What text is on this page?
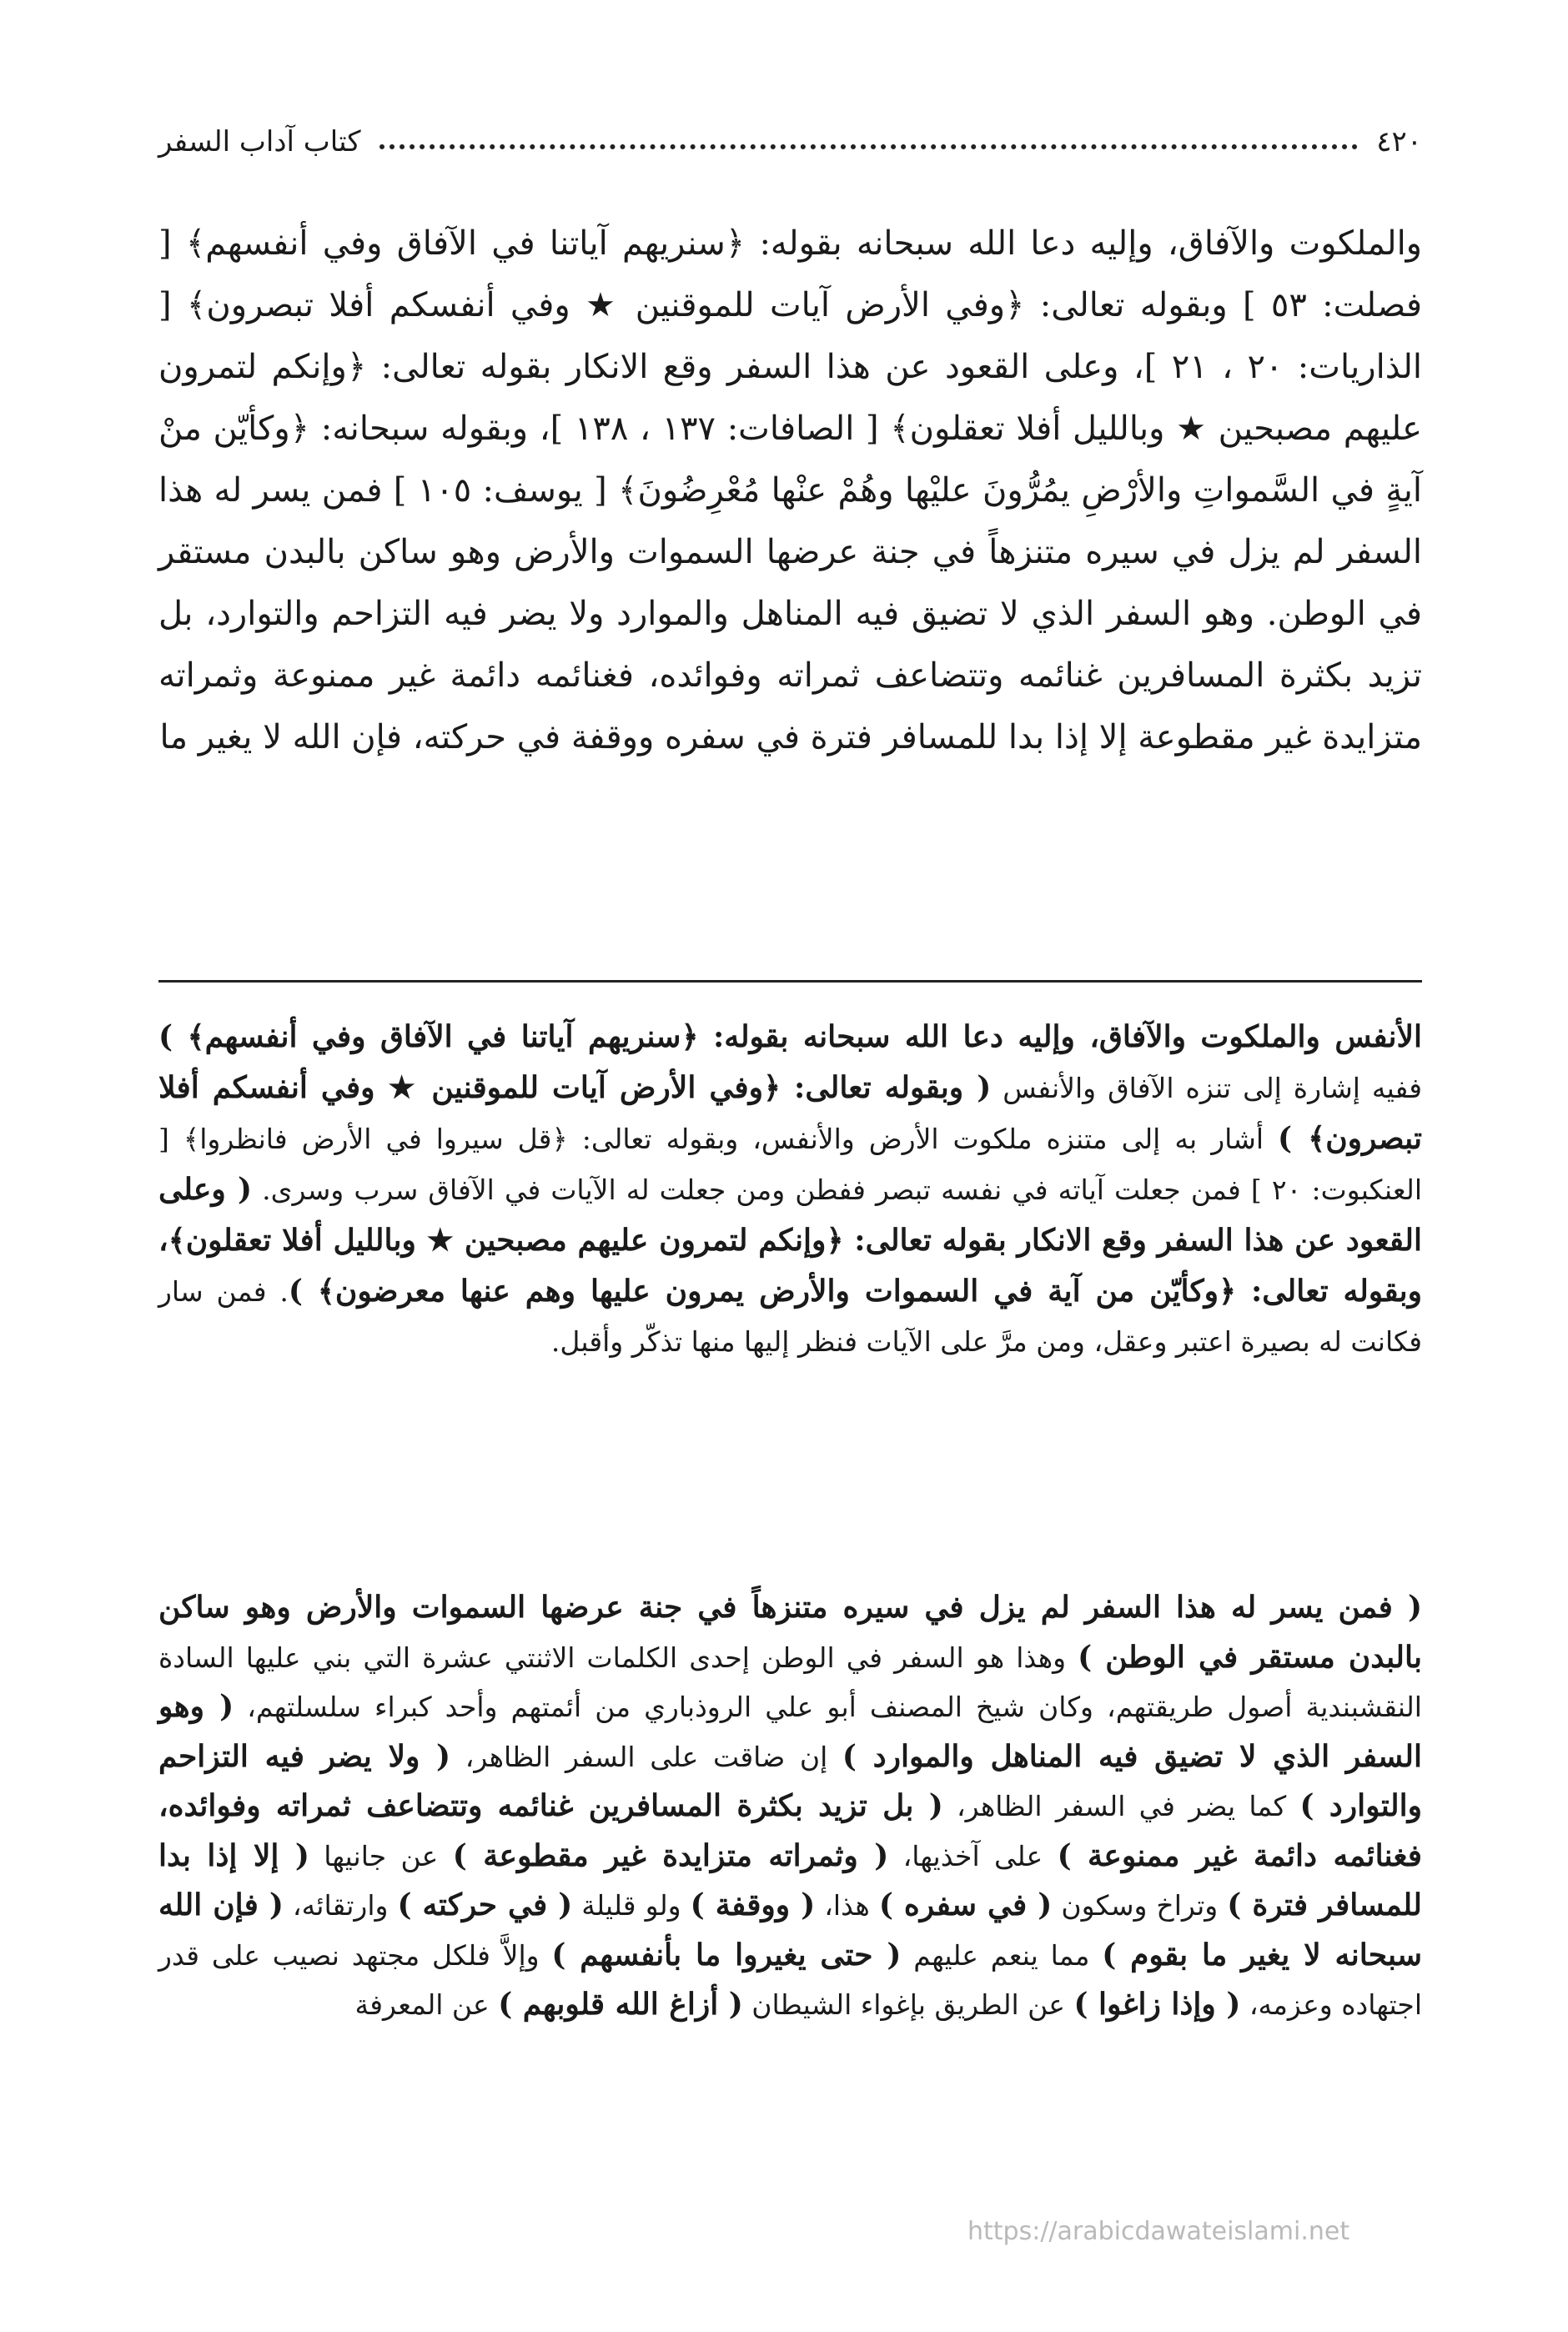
٤٢٠
كتاب آداب السفر

والملكوت والآفاق، وإليه دعا الله سبحانه بقوله: ﴿سنريهم آياتنا في الآفاق وفي أنفسهم﴾ [ فصلت: ٥٣ ] وبقوله تعالى: ﴿وفي الأرض آيات للموقنين ★ وفي أنفسكم أفلا تبصرون﴾ [ الذاريات: ٢٠ ، ٢١ ]، وعلى القعود عن هذا السفر وقع الانكار بقوله تعالى: ﴿وإنكم لتمرون عليهم مصبحين ★ وبالليل أفلا تعقلون﴾ [ الصافات: ١٣٧ ، ١٣٨ ]، وبقوله سبحانه: ﴿وكأيّن منْ آيةٍ في السَّمواتِ والأرْضِ يمُرُّونَ عليْها وهُمْ عنْها مُعْرِضُونَ﴾ [ يوسف: ١٠٥ ] فمن يسر له هذا السفر لم يزل في سيره متنزهاً في جنة عرضها السموات والأرض وهو ساكن بالبدن مستقر في الوطن. وهو السفر الذي لا تضيق فيه المناهل والموارد ولا يضر فيه التزاحم والتوارد، بل تزيد بكثرة المسافرين غنائمه وتتضاعف ثمراته وفوائده، فغنائمه دائمة غير ممنوعة وثمراته متزايدة غير مقطوعة إلا إذا بدا للمسافر فترة في سفره ووقفة في حركته، فإن الله لا يغير ما

الأنفس والملكوت والآفاق، وإليه دعا الله سبحانه بقوله: ﴿سنريهم آياتنا في الآفاق وفي أنفسهم﴾ ) ففيه إشارة إلى تنزه الآفاق والأنفس ( وبقوله تعالى: ﴿وفي الأرض آيات للموقنين ★ وفي أنفسكم أفلا تبصرون﴾ ) أشار به إلى متنزه ملكوت الأرض والأنفس، وبقوله تعالى: ﴿قل سيروا في الأرض فانظروا﴾ [ العنكبوت: ٢٠ ] فمن جعلت آياته في نفسه تبصر ففطن ومن جعلت له الآيات في الآفاق سرب وسرى. ( وعلى القعود عن هذا السفر وقع الانكار بقوله تعالى: ﴿وإنكم لتمرون عليهم مصبحين ★ وبالليل أفلا تعقلون﴾، وبقوله تعالى: ﴿وكأيّن من آية في السموات والأرض يمرون عليها وهم عنها معرضون﴾ ). فمن سار فكانت له بصيرة اعتبر وعقل، ومن مرَّ على الآيات فنظر إليها منها تذكّر وأقبل.

( فمن يسر له هذا السفر لم يزل في سيره متنزهاً في جنة عرضها السموات والأرض وهو ساكن بالبدن مستقر في الوطن ) وهذا هو السفر في الوطن إحدى الكلمات الاثنتي عشرة التي بني عليها السادة النقشبندية أصول طريقتهم، وكان شيخ المصنف أبو علي الروذباري من أئمتهم وأحد كبراء سلسلتهم، ( وهو السفر الذي لا تضيق فيه المناهل والموارد ) إن ضاقت على السفر الظاهر، ( ولا يضر فيه التزاحم والتوارد ) كما يضر في السفر الظاهر، ( بل تزيد بكثرة المسافرين غنائمه وتتضاعف ثمراته وفوائده، فغنائمه دائمة غير ممنوعة ) على آخذيها، ( وثمراته متزايدة غير مقطوعة ) عن جانيها ( إلا إذا بدا للمسافر فترة ) وتراخ وسكون ( في سفره ) هذا، ( ووقفة ) ولو قليلة ( في حركته ) وارتقائه، ( فإن الله سبحانه لا يغير ما بقوم ) مما ينعم عليهم ( حتى يغيروا ما بأنفسهم ) وإلاَّ فلكل مجتهد نصيب على قدر اجتهاده وعزمه، ( وإذا زاغوا ) عن الطريق بإغواء الشيطان ( أزاغ الله قلوبهم ) عن المعرفة

https://arabicdawateislami.net
